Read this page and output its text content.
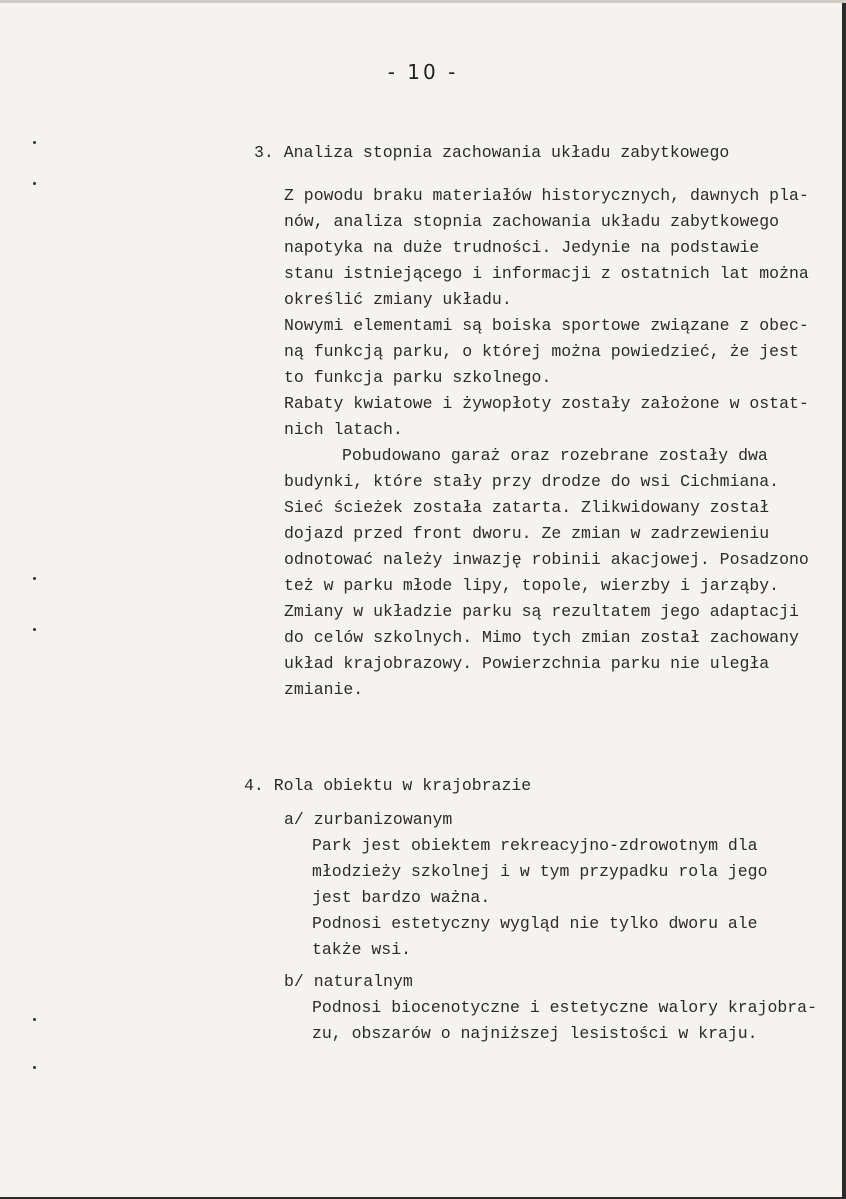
- 10 -
3. Analiza stopnia zachowania układu zabytkowego
Z powodu braku materiałów historycznych, dawnych pla-
nów, analiza stopnia zachowania układu zabytkowego
napotyka na duże trudności. Jedynie na podstawie
stanu istniejącego i informacji z ostatnich lat można
określić zmiany układu.
Nowymi elementami są boiska sportowe związane z obec-
ną funkcją parku, o której można powiedzieć, że jest
to funkcja parku szkolnego.
Rabaty kwiatowe i żywopłoty zostały założone w ostat-
nich latach.
Pobudowano garaż oraz rozebrane zostały dwa
budynki, które stały przy drodze do wsi Cichmiana.
Sieć ścieżek została zatarta. Zlikwidowany został
dojazd przed front dworu. Ze zmian w zadrzewieniu
odnotować należy inwazję robinii akacjowej. Posadzono
też w parku młode lipy, topole, wierzby i jarząby.
Zmiany w układzie parku są rezultatem jego adaptacji
do celów szkolnych. Mimo tych zmian został zachowany
układ krajobrazowy. Powierzchnia parku nie uległa
zmianie.
4. Rola obiektu w krajobrazie
a/ zurbanizowanym
Park jest obiektem rekreacyjno-zdrowotnym dla
młodzieży szkolnej i w tym przypadku rola jego
jest bardzo ważna.
Podnosi estetyczny wygląd nie tylko dworu ale
także wsi.
b/ naturalnym
Podnosi biocenotyczne i estetyczne walory krajobra-
zu, obszarów o najniższej lesistości w kraju.
